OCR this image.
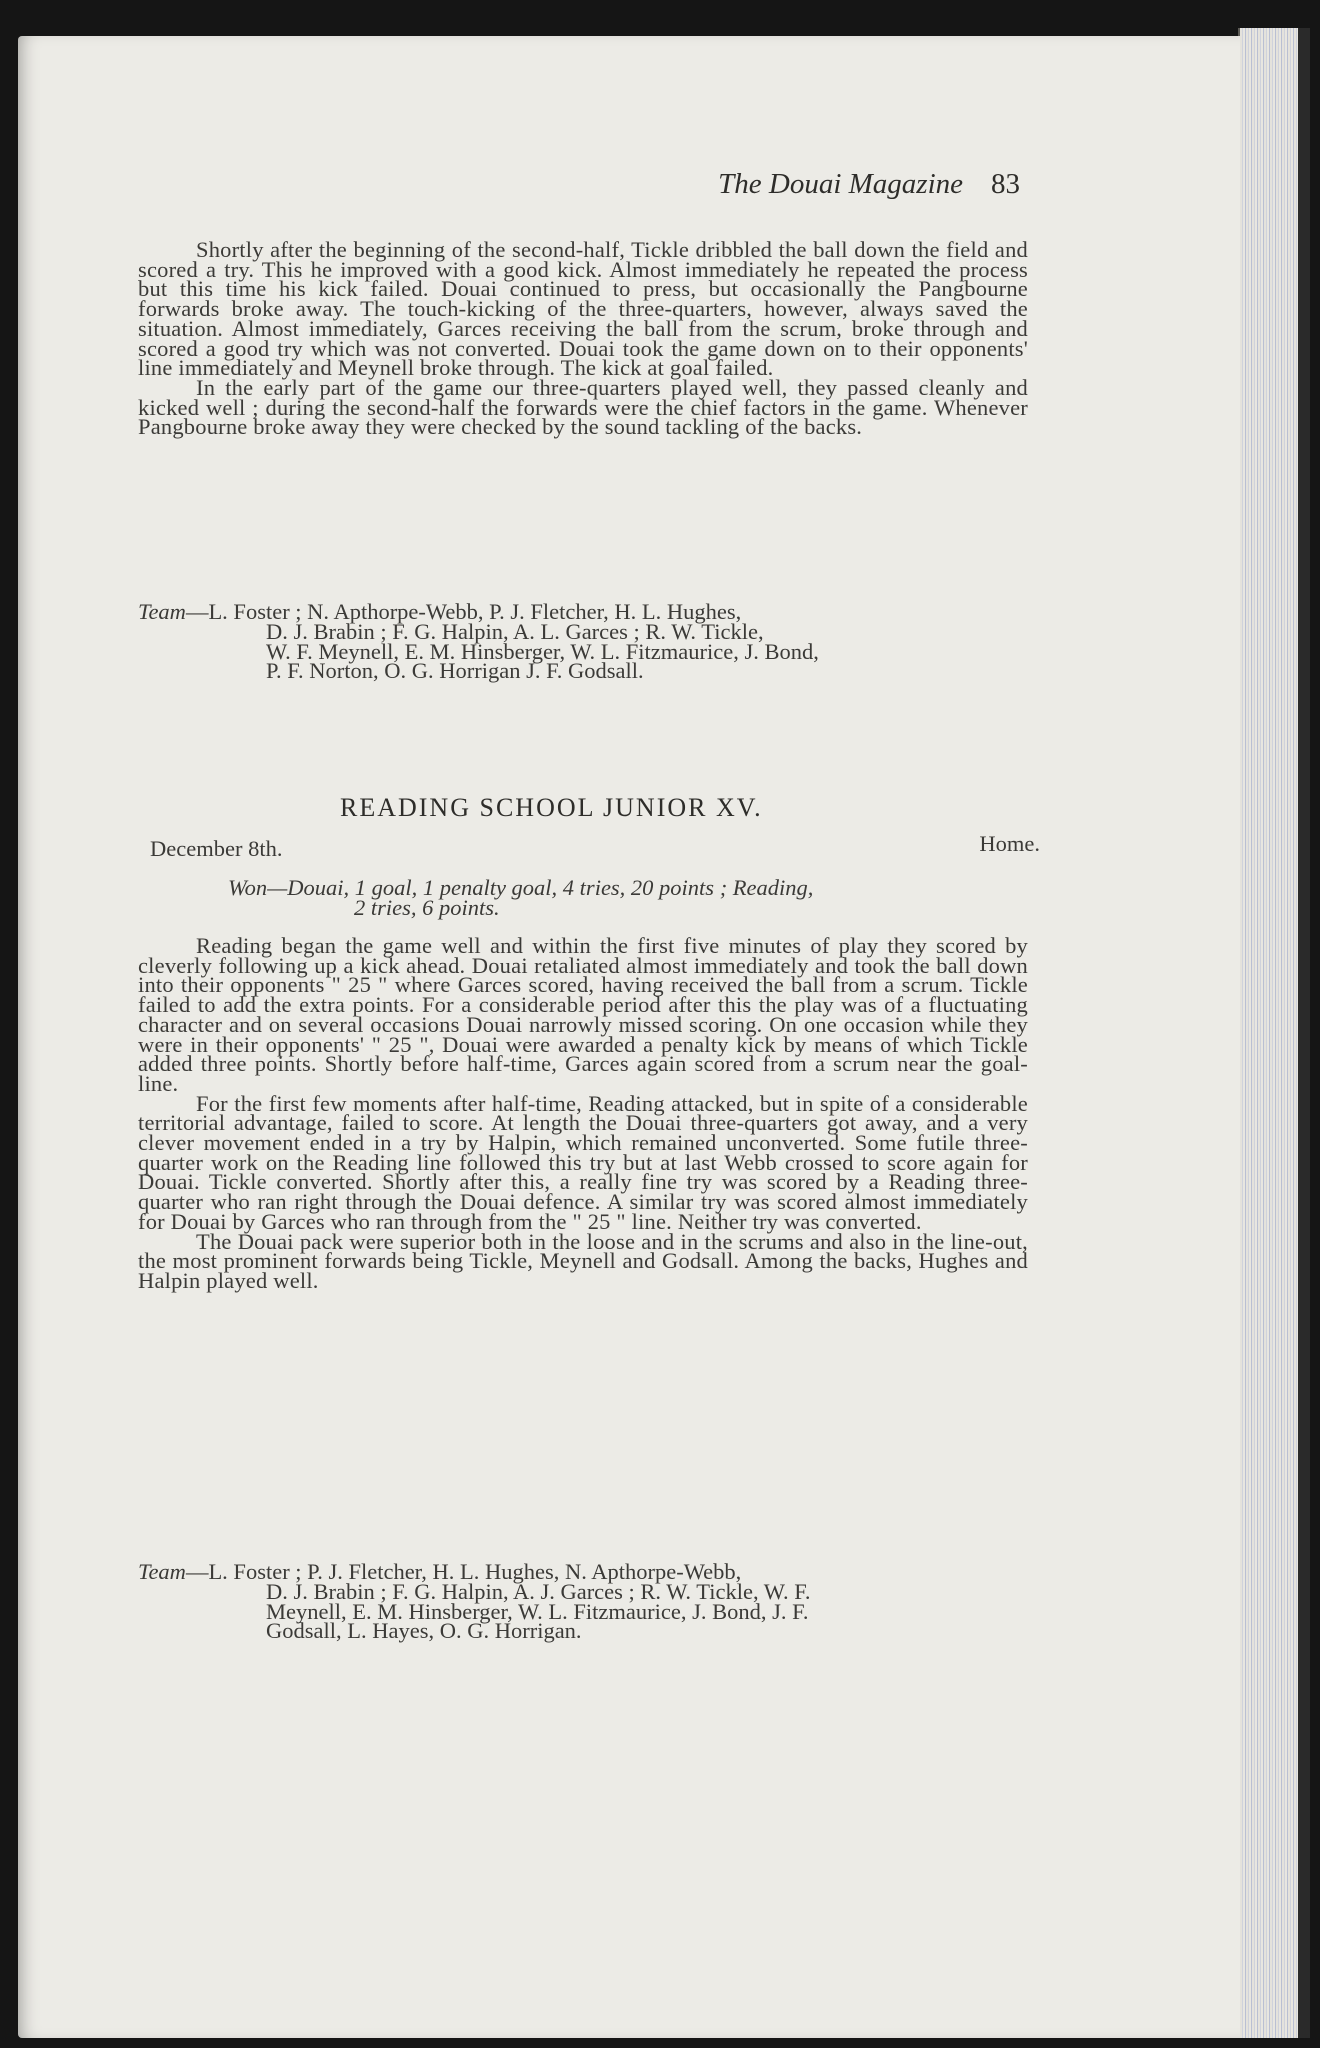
The Douai Magazine 83

Shortly after the beginning of the second-half, Tickle dribbled the ball down the field and scored a try. This he improved with a good kick. Almost immediately he repeated the process but this time his kick failed. Douai continued to press, but occasionally the Pangbourne forwards broke away. The touch-kicking of the three-quarters, however, always saved the situation. Almost immediately, Garces receiving the ball from the scrum, broke through and scored a good try which was not converted. Douai took the game down on to their opponents' line immediately and Meynell broke through. The kick at goal failed.

In the early part of the game our three-quarters played well, they passed cleanly and kicked well ; during the second-half the forwards were the chief factors in the game. Whenever Pangbourne broke away they were checked by the sound tackling of the backs.

Team—L. Foster ; N. Apthorpe-Webb, P. J. Fletcher, H. L. Hughes,
D. J. Brabin ; F. G. Halpin, A. L. Garces ; R. W. Tickle,
W. F. Meynell, E. M. Hinsberger, W. L. Fitzmaurice, J. Bond,
P. F. Norton, O. G. Horrigan J. F. Godsall.
READING SCHOOL JUNIOR XV.
December 8th.	Home.
Won—Douai, 1 goal, 1 penalty goal, 4 tries, 20 points ; Reading,
2 tries, 6 points.

Reading began the game well and within the first five minutes of play they scored by cleverly following up a kick ahead. Douai retaliated almost immediately and took the ball down into their opponents " 25 " where Garces scored, having received the ball from a scrum. Tickle failed to add the extra points. For a considerable period after this the play was of a fluctuating character and on several occasions Douai narrowly missed scoring. On one occasion while they were in their opponents' " 25 ", Douai were awarded a penalty kick by means of which Tickle added three points. Shortly before half-time, Garces again scored from a scrum near the goal-line.

For the first few moments after half-time, Reading attacked, but in spite of a considerable territorial advantage, failed to score. At length the Douai three-quarters got away, and a very clever movement ended in a try by Halpin, which remained unconverted. Some futile three-quarter work on the Reading line followed this try but at last Webb crossed to score again for Douai. Tickle converted. Shortly after this, a really fine try was scored by a Reading three-quarter who ran right through the Douai defence. A similar try was scored almost immediately for Douai by Garces who ran through from the " 25 " line. Neither try was converted.

The Douai pack were superior both in the loose and in the scrums and also in the line-out, the most prominent forwards being Tickle, Meynell and Godsall. Among the backs, Hughes and Halpin played well.

Team—L. Foster ; P. J. Fletcher, H. L. Hughes, N. Apthorpe-Webb,
D. J. Brabin ; F. G. Halpin, A. J. Garces ; R. W. Tickle, W. F.
Meynell, E. M. Hinsberger, W. L. Fitzmaurice, J. Bond, J. F.
Godsall, L. Hayes, O. G. Horrigan.
